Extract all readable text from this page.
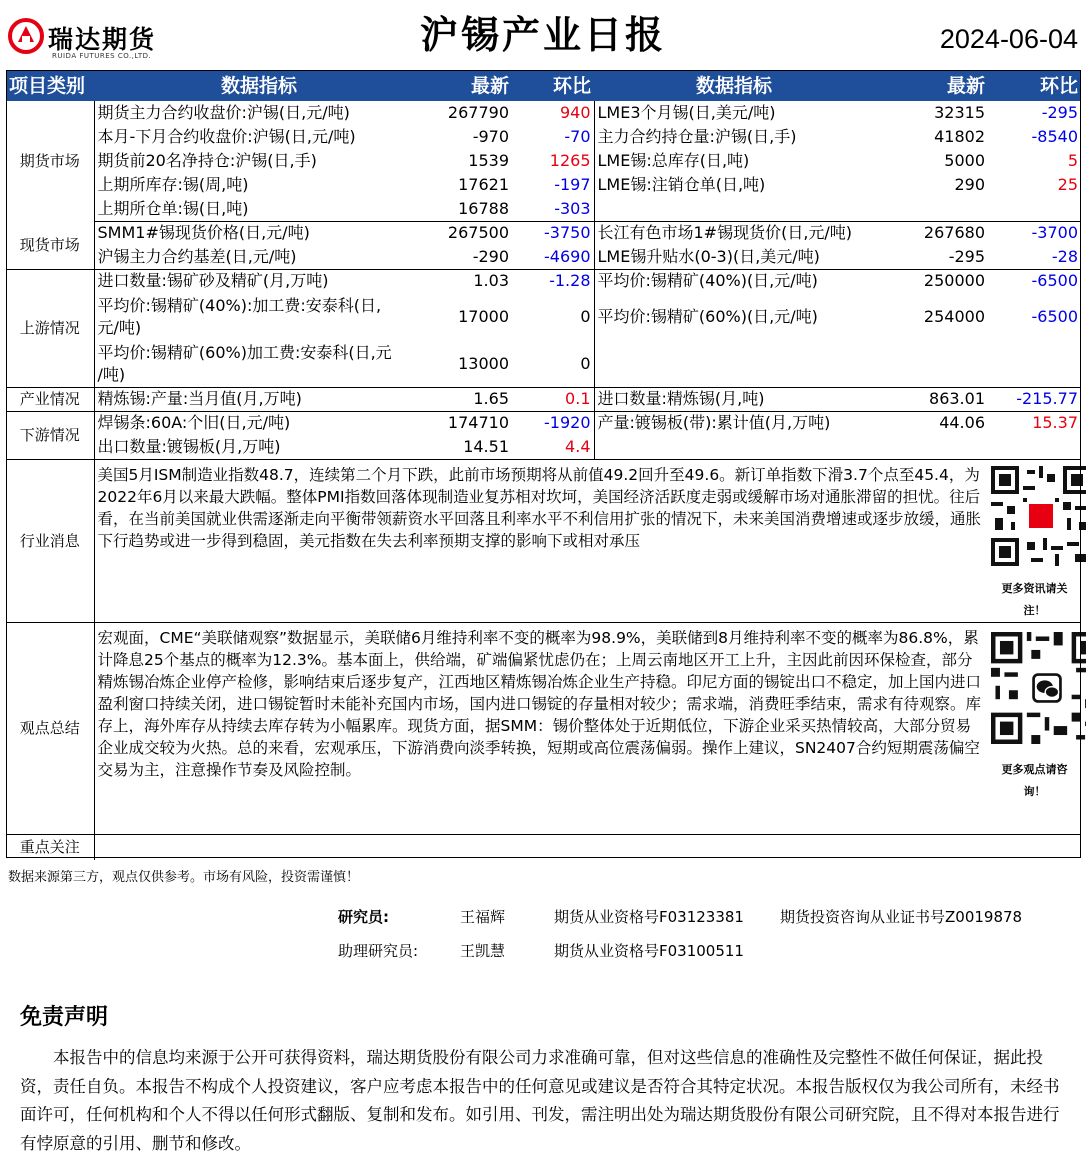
瑞达期货
RUIDA FUTURES CO.,LTD.	沪锡产业日报	2024-06-04
项目类别	数据指标	最新	环比	数据指标	最新	环比
期货市场	期货主力合约收盘价:沪锡(日,元/吨)	267790	940	LME3个月锡(日,美元/吨)	32315	-295
	本月-下月合约收盘价:沪锡(日,元/吨)	-970	-70	主力合约持仓量:沪锡(日,手)	41802	-8540
	期货前20名净持仓:沪锡(日,手)	1539	1265	LME锡:总库存(日,吨)	5000	5
	上期所库存:锡(周,吨)	17621	-197	LME锡:注销仓单(日,吨)	290	25
	上期所仓单:锡(日,吨)	16788	-303			
现货市场	SMM1#锡现货价格(日,元/吨)	267500	-3750	长江有色市场1#锡现货价(日,元/吨)	267680	-3700
	沪锡主力合约基差(日,元/吨)	-290	-4690	LME锡升贴水(0-3)(日,美元/吨)	-295	-28
上游情况	进口数量:锡矿砂及精矿(月,万吨)	1.03	-1.28	平均价:锡精矿(40%)(日,元/吨)	250000	-6500
	平均价:锡精矿(40%):加工费:安泰科(日,
元/吨)	17000	0	平均价:锡精矿(60%)(日,元/吨)	254000	-6500
	平均价:锡精矿(60%)加工费:安泰科(日,元
/吨)	13000	0			
产业情况	精炼锡:产量:当月值(月,万吨)	1.65	0.1	进口数量:精炼锡(月,吨)	863.01	-215.77
下游情况	焊锡条:60A:个旧(日,元/吨)	174710	-1920	产量:镀锡板(带):累计值(月,万吨)	44.06	15.37
	出口数量:镀锡板(月,万吨)	14.51	4.4			
行业消息	美国5月ISM制造业指数48.7，连续第二个月下跌，此前市场预期将从前值49.2回升至49.6。新订单指数下滑3.7个点至45.4，为2022年6月以来最大跌幅。整体PMI指数回落体现制造业复苏相对坎坷，美国经济活跃度走弱或缓解市场对通胀滞留的担忧。往后看，在当前美国就业供需逐渐走向平衡带领薪资水平回落且利率水平不利信用扩张的情况下，未来美国消费增速或逐步放缓，通胀下行趋势或进一步得到稳固，美元指数在失去利率预期支撑的影响下或相对承压					更多资讯请关注！

观点总结	宏观面，CME“美联储观察”数据显示，美联储6月维持利率不变的概率为98.9%，美联储到8月维持利率不变的概率为86.8%，累计降息25个基点的概率为12.3%。基本面上，供给端，矿端偏紧忧虑仍在；上周云南地区开工上升，主因此前因环保检查，部分精炼锡冶炼企业停产检修，影响结束后逐步复产，江西地区精炼锡冶炼企业生产持稳。印尼方面的锡锭出口不稳定，加上国内进口盈利窗口持续关闭，进口锡锭暂时未能补充国内市场，国内进口锡锭的存量相对较少；需求端，消费旺季结束，需求有待观察。库存上，海外库存从持续去库存转为小幅累库。现货方面，据SMM：锡价整体处于近期低位，下游企业采买热情较高，大部分贸易企业成交较为火热。总的来看，宏观承压，下游消费向淡季转换，短期或高位震荡偏弱。操作上建议，SN2407合约短期震荡偏空交易为主，注意操作节奏及风险控制。					更多观点请咨询！

重点关注						
数据来源第三方，观点仅供参考。市场有风险，投资需谨慎！
研究员:	王福辉	期货从业资格号F03123381 期货投资咨询从业证书号Z0019878
助理研究员:	王凯慧	期货从业资格号F03100511
免责声明
本报告中的信息均来源于公开可获得资料，瑞达期货股份有限公司力求准确可靠，但对这些信息的准确性及完整性不做任何保证，据此投资，责任自负。本报告不构成个人投资建议，客户应考虑本报告中的任何意见或建议是否符合其特定状况。本报告版权仅为我公司所有，未经书面许可，任何机构和个人不得以任何形式翻版、复制和发布。如引用、刊发，需注明出处为瑞达期货股份有限公司研究院，且不得对本报告进行有悖原意的引用、删节和修改。
